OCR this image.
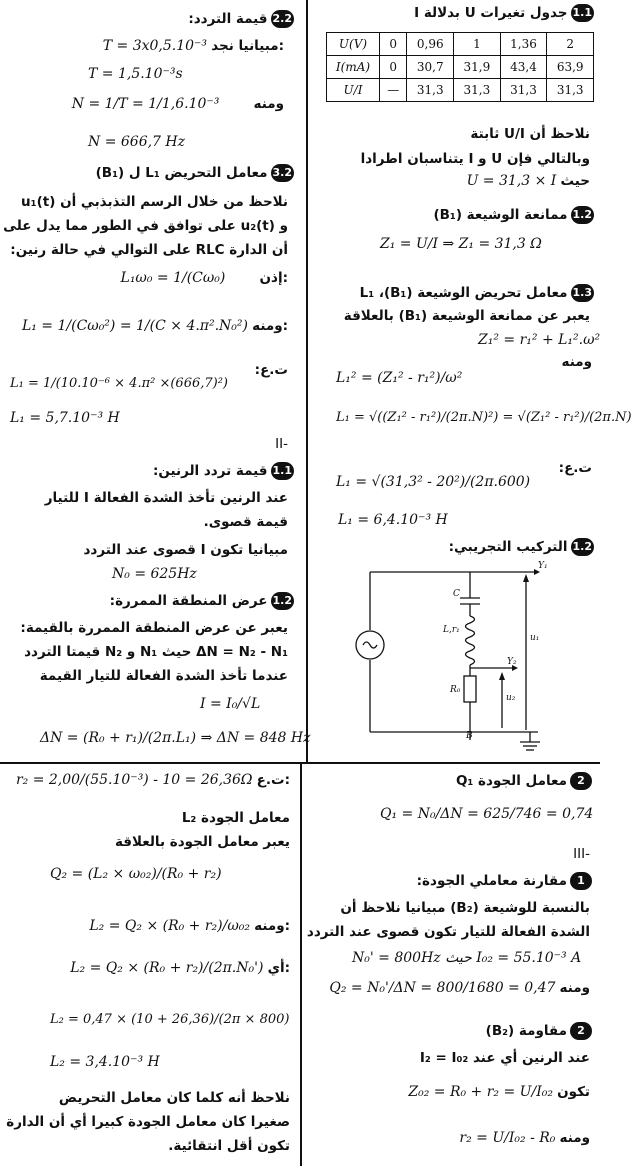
1.1جدول تغيرات U بدلالة I
U(V)	0	0,96	1	1,36	2
I(mA)	0	30,7	31,9	43,4	63,9
U/I	—	31,3	31,3	31,3	31,3
نلاحظ أن U/I ثابتة
وبالتالي فإن U و I يتناسبان اطرادا
U = 31,3 × I حيث
1.2ممانعة الوشيعة (B₁)
Z₁ = U/I ⇒ Z₁ = 31,3 Ω
1.3معامل تحريض الوشيعة (B₁)، L₁
يعبر عن ممانعة الوشيعة (B₁) بالعلاقة
Z₁² = r₁² + L₁².ω²
ومنه
L₁² = (Z₁² - r₁²)/ω²
L₁ = √((Z₁² - r₁²)/(2π.N)²) = √(Z₁² - r₁²)/(2π.N)
ت.ع:
L₁ = √(31,3² - 20²)/(2π.600)
L₁ = 6,4.10⁻³ H
1.2التركيب التجريبي:
Y₁
Y₂
C
L,r₁
R₀
u₁
u₂
B
2.2قيمة التردد:
T = 3x0,5.10⁻³ مبيانيا نجد:
T = 1,5.10⁻³s
N = 1/T = 1/1,6.10⁻³	ومنه
N = 666,7 Hz
3.2معامل التحريض L₁ ل (B₁)
نلاحظ من خلال الرسم التذبذبي أن u₁(t)
و u₂(t) على توافق في الطور مما يدل على
أن الدارة RLC على التوالي في حالة رنين:
L₁ω₀ = 1/(Cω₀)	إذن:
L₁ = 1/(Cω₀²) = 1/(C × 4.π².N₀²) ومنه:
ت.ع:
L₁ = 1/(10.10⁻⁶ × 4.π² ×(666,7)²)
L₁ = 5,7.10⁻³ H
-II
1.1قيمة تردد الرنين:
عند الرنين تأخذ الشدة الفعالة I للتيار
قيمة قصوى.
مبيانيا تكون I قصوى عند التردد
N₀ = 625Hz
1.2عرض المنطقة الممررة:
يعبر عن عرض المنطقة الممررة بالقيمة:
ΔN = N₂ - N₁ حيث N₁ و N₂ قيمتا التردد
عندما تأخذ الشدة الفعالة للتيار القيمة
I = I₀/√L
ΔN = (R₀ + r₁)/(2π.L₁) ⇒ ΔN = 848 Hz
r₂ = 2,00/(55.10⁻³) - 10 = 26,36Ω ت.ع:
معامل الجودة L₂
يعبر معامل الجودة بالعلاقة
Q₂ = (L₂ × ω₀₂)/(R₀ + r₂)
L₂ = Q₂ × (R₀ + r₂)/ω₀₂ ومنه:
L₂ = Q₂ × (R₀ + r₂)/(2π.N₀') أي:
L₂ = 0,47 × (10 + 26,36)/(2π × 800)
L₂ = 3,4.10⁻³ H
نلاحظ أنه كلما كان معامل التحريض
صغيرا كان معامل الجودة كبيرا أي أن الدارة
تكون أقل انتقائية.
2معامل الجودة Q₁
Q₁ = N₀/ΔN = 625/746 = 0,74
-III
1مقارنة معاملي الجودة:
بالنسبة للوشيعة (B₂) مبيانيا نلاحظ أن
الشدة الفعالة للتيار تكون قصوى عند التردد
N₀' = 800Hz حيث I₀₂ = 55.10⁻³ A
Q₂ = N₀'/ΔN = 800/1680 = 0,47 ومنه
2مقاومة (B₂)
عند الرنين أي عند I₂ = I₀₂
Z₀₂ = R₀ + r₂ = U/I₀₂ تكون
r₂ = U/I₀₂ - R₀ ومنه
